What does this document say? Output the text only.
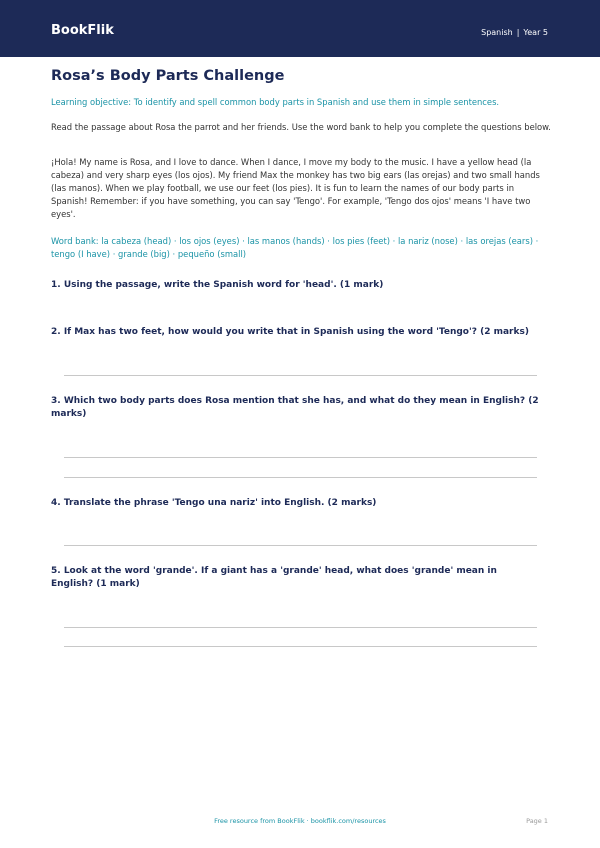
BookFlik	Spanish | Year 5
Rosa’s Body Parts Challenge

Learning objective: To identify and spell common body parts in Spanish and use them in simple sentences.

Read the passage about Rosa the parrot and her friends. Use the word bank to help you complete the questions below.

¡Hola! My name is Rosa, and I love to dance. When I dance, I move my body to the music. I have a yellow head (la cabeza) and very sharp eyes (los ojos). My friend Max the monkey has two big ears (las orejas) and two small hands (las manos). When we play football, we use our feet (los pies). It is fun to learn the names of our body parts in Spanish! Remember: if you have something, you can say 'Tengo'. For example, 'Tengo dos ojos' means 'I have two eyes'.

Word bank: la cabeza (head) · los ojos (eyes) · las manos (hands) · los pies (feet) · la nariz (nose) · las orejas (ears) · tengo (I have) · grande (big) · pequeño (small)

1. Using the passage, write the Spanish word for 'head'. (1 mark)

2. If Max has two feet, how would you write that in Spanish using the word 'Tengo'? (2 marks)

3. Which two body parts does Rosa mention that she has, and what do they mean in English? (2 marks)

4. Translate the phrase 'Tengo una nariz' into English. (2 marks)

5. Look at the word 'grande'. If a giant has a 'grande' head, what does 'grande' mean in English? (1 mark)

Free resource from BookFlik · bookflik.com/resources	Page 1
